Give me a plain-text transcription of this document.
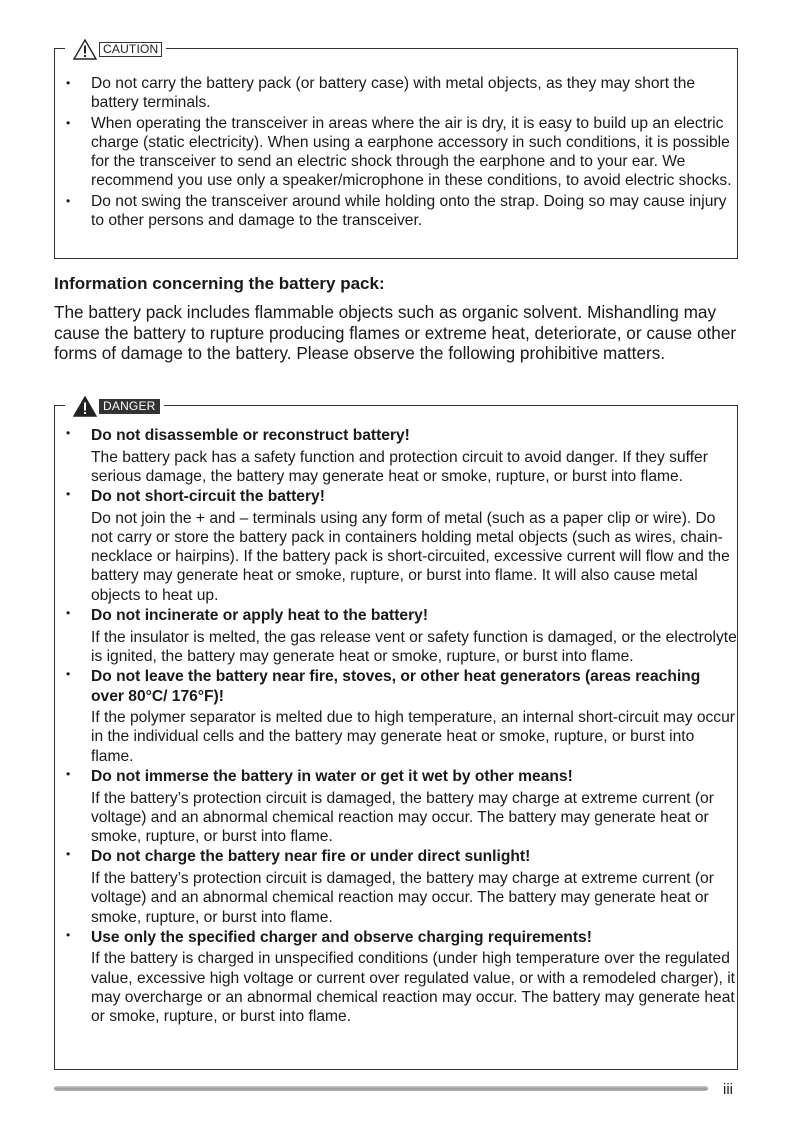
CAUTION
• Do not carry the battery pack (or battery case) with metal objects, as they may short the battery terminals.
• When operating the transceiver in areas where the air is dry, it is easy to build up an electric charge (static electricity). When using a earphone accessory in such conditions, it is possible for the transceiver to send an electric shock through the earphone and to your ear. We recommend you use only a speaker/microphone in these conditions, to avoid electric shocks.
• Do not swing the transceiver around while holding onto the strap. Doing so may cause injury to other persons and damage to the transceiver.
Information concerning the battery pack:

The battery pack includes flammable objects such as organic solvent. Mishandling may cause the battery to rupture producing flames or extreme heat, deteriorate, or cause other forms of damage to the battery. Please observe the following prohibitive matters.

DANGER
• Do not disassemble or reconstruct battery!
The battery pack has a safety function and protection circuit to avoid danger. If they suffer serious damage, the battery may generate heat or smoke, rupture, or burst into flame.
• Do not short-circuit the battery!
Do not join the + and – terminals using any form of metal (such as a paper clip or wire). Do not carry or store the battery pack in containers holding metal objects (such as wires, chain-necklace or hairpins). If the battery pack is short-circuited, excessive current will flow and the battery may generate heat or smoke, rupture, or burst into flame. It will also cause metal objects to heat up.
• Do not incinerate or apply heat to the battery!
If the insulator is melted, the gas release vent or safety function is damaged, or the electrolyte is ignited, the battery may generate heat or smoke, rupture, or burst into flame.
• Do not leave the battery near fire, stoves, or other heat generators (areas reaching over 80°C/ 176°F)!
If the polymer separator is melted due to high temperature, an internal short-circuit may occur in the individual cells and the battery may generate heat or smoke, rupture, or burst into flame.
• Do not immerse the battery in water or get it wet by other means!
If the battery’s protection circuit is damaged, the battery may charge at extreme current (or voltage) and an abnormal chemical reaction may occur. The battery may generate heat or smoke, rupture, or burst into flame.
• Do not charge the battery near fire or under direct sunlight!
If the battery’s protection circuit is damaged, the battery may charge at extreme current (or voltage) and an abnormal chemical reaction may occur. The battery may generate heat or smoke, rupture, or burst into flame.
• Use only the specified charger and observe charging requirements!
If the battery is charged in unspecified conditions (under high temperature over the regulated value, excessive high voltage or current over regulated value, or with a remodeled charger), it may overcharge or an abnormal chemical reaction may occur. The battery may generate heat or smoke, rupture, or burst into flame.
iii
